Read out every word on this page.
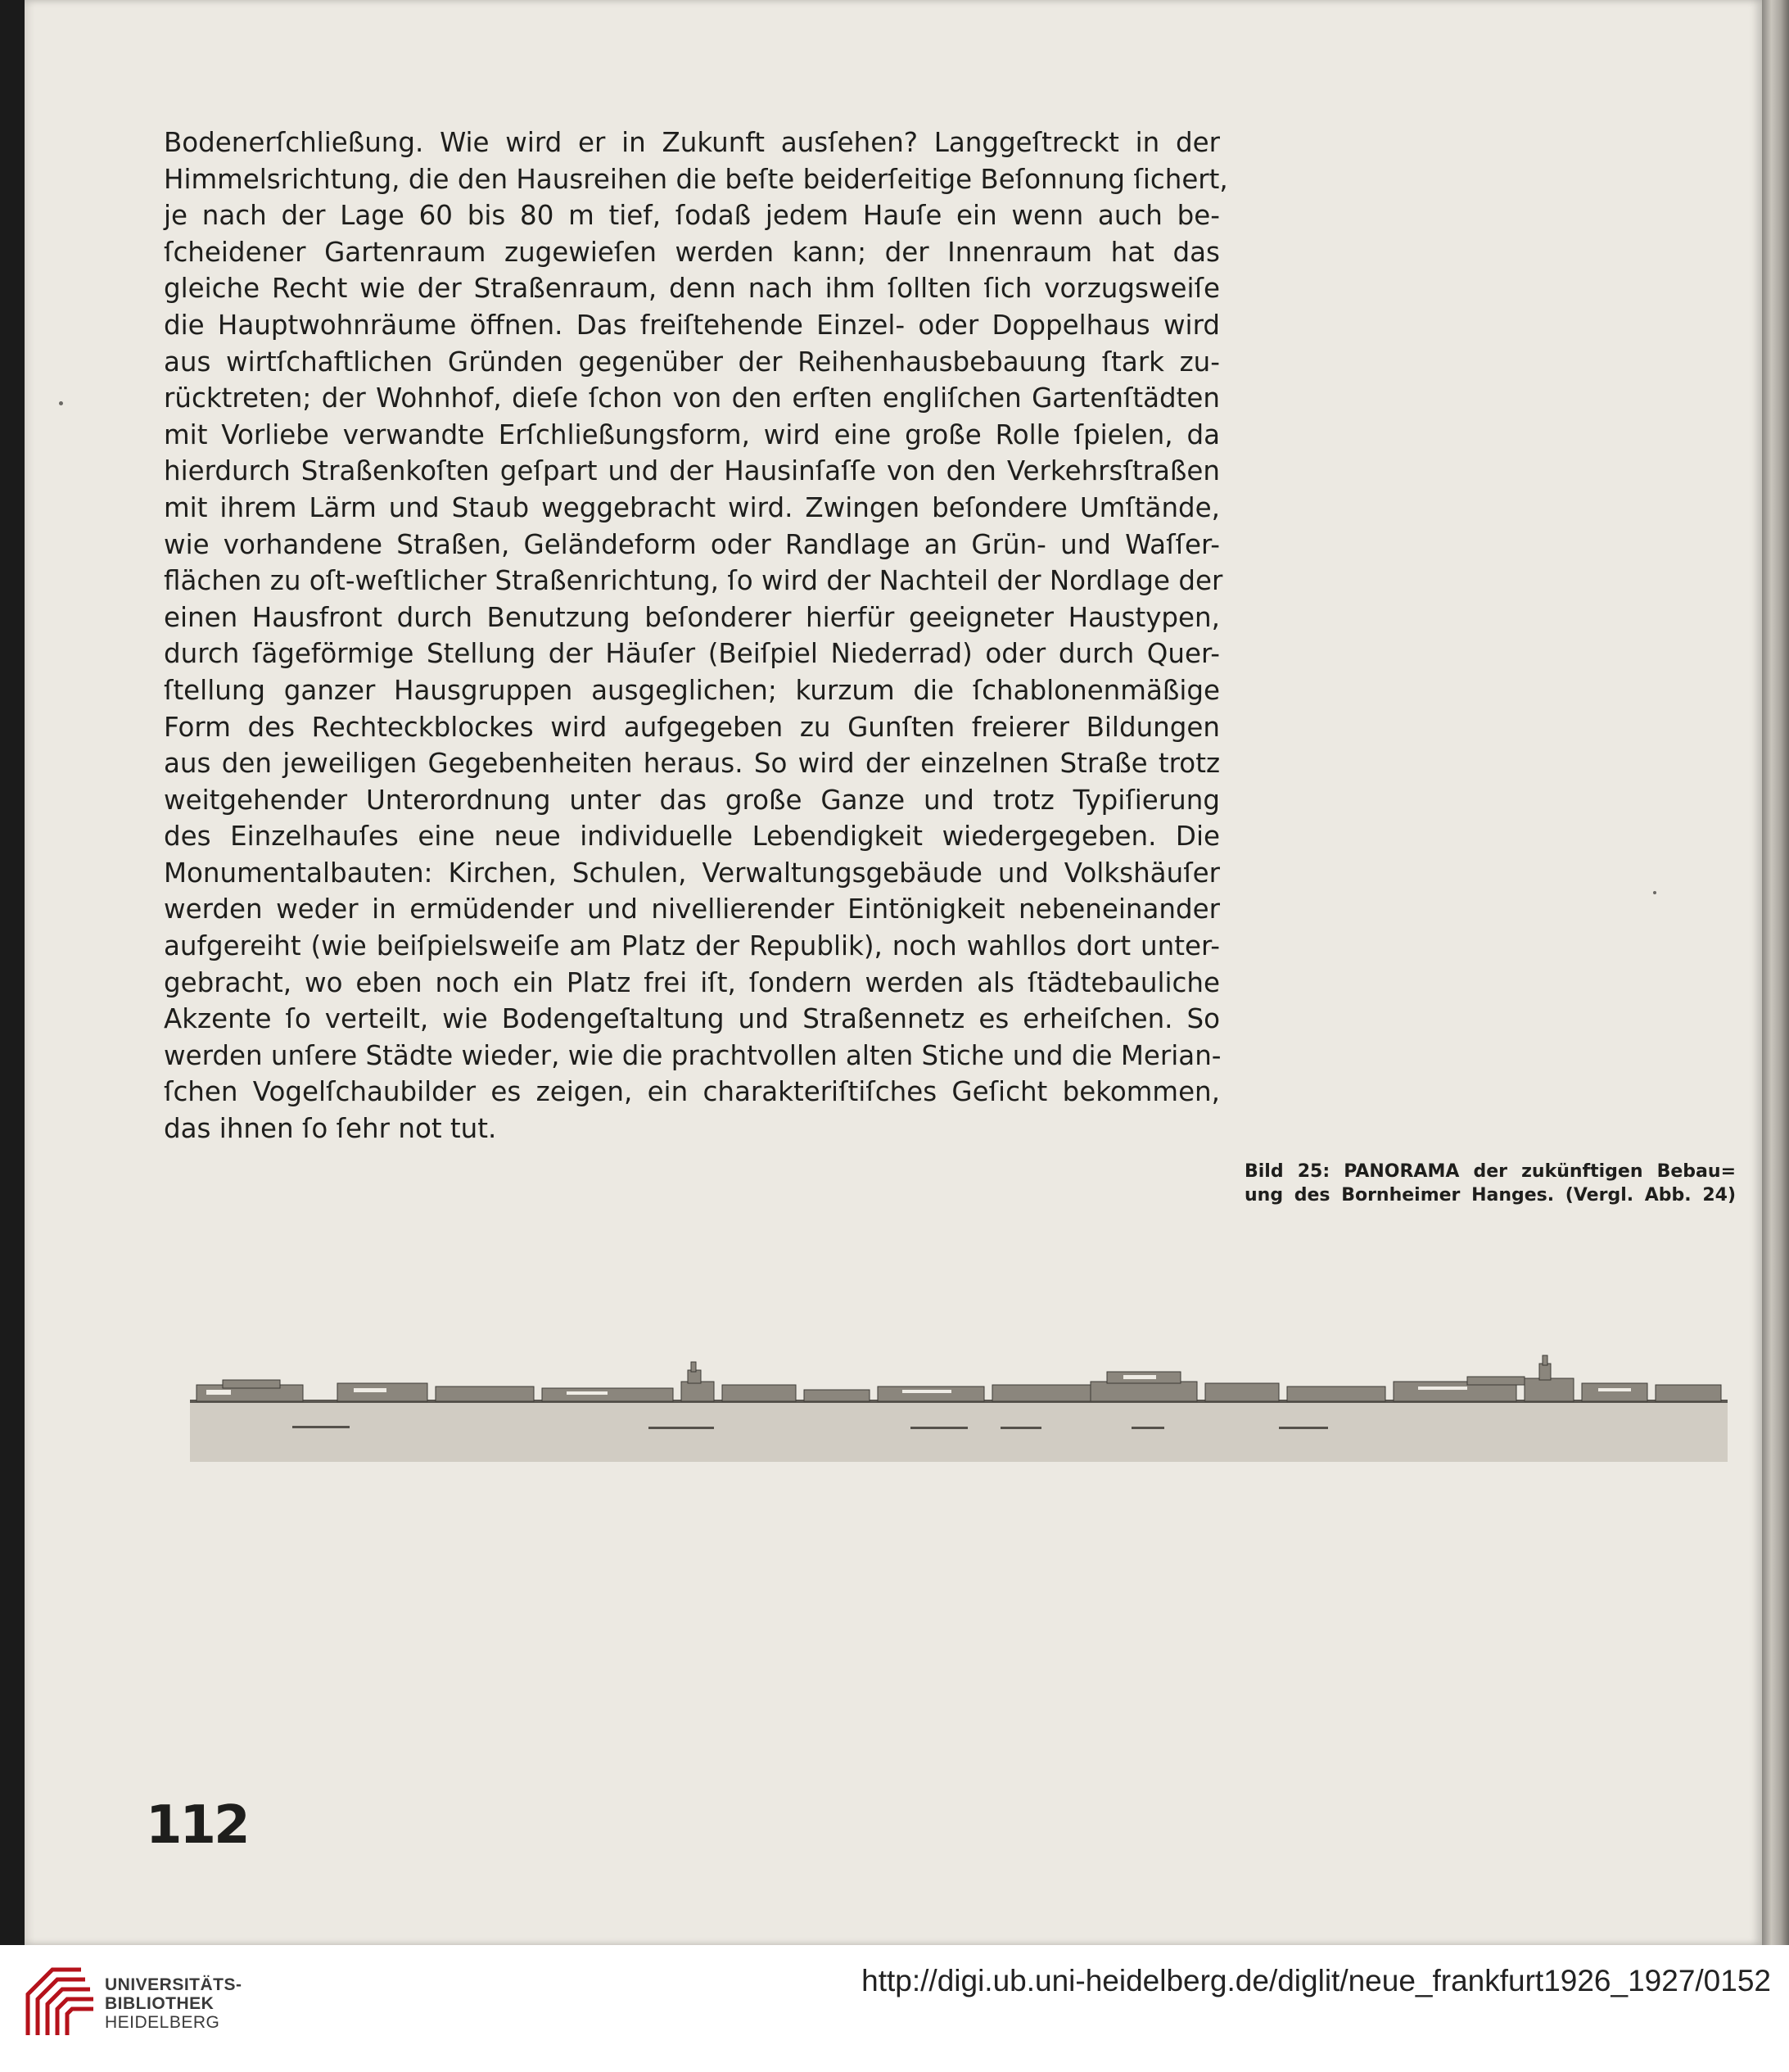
Bodenerſchließung. Wie wird er in Zukunft ausſehen? Langgeſtreckt in der
Himmelsrichtung, die den Hausreihen die beſte beiderſeitige Beſonnung ſichert,
je nach der Lage 60 bis 80 m tief, ſodaß jedem Hauſe ein wenn auch be-
ſcheidener Gartenraum zugewieſen werden kann; der Innenraum hat das
gleiche Recht wie der Straßenraum, denn nach ihm ſollten ſich vorzugsweiſe
die Hauptwohnräume öffnen. Das freiſtehende Einzel- oder Doppelhaus wird
aus wirtſchaftlichen Gründen gegenüber der Reihenhausbebauung ſtark zu-
rücktreten; der Wohnhof, dieſe ſchon von den erſten engliſchen Gartenſtädten
mit Vorliebe verwandte Erſchließungsform, wird eine große Rolle ſpielen, da
hierdurch Straßenkoſten geſpart und der Hausinſaſſe von den Verkehrsſtraßen
mit ihrem Lärm und Staub weggebracht wird. Zwingen beſondere Umſtände,
wie vorhandene Straßen, Geländeform oder Randlage an Grün- und Waſſer-
flächen zu oſt-weſtlicher Straßenrichtung, ſo wird der Nachteil der Nordlage der
einen Hausfront durch Benutzung beſonderer hierfür geeigneter Haustypen,
durch ſägeförmige Stellung der Häuſer (Beiſpiel Niederrad) oder durch Quer-
ſtellung ganzer Hausgruppen ausgeglichen; kurzum die ſchablonenmäßige
Form des Rechteckblockes wird aufgegeben zu Gunſten freierer Bildungen
aus den jeweiligen Gegebenheiten heraus. So wird der einzelnen Straße trotz
weitgehender Unterordnung unter das große Ganze und trotz Typiſierung
des Einzelhauſes eine neue individuelle Lebendigkeit wiedergegeben. Die
Monumentalbauten: Kirchen, Schulen, Verwaltungsgebäude und Volkshäuſer
werden weder in ermüdender und nivellierender Eintönigkeit nebeneinander
aufgereiht (wie beiſpielsweiſe am Platz der Republik), noch wahllos dort unter-
gebracht, wo eben noch ein Platz frei iſt, ſondern werden als ſtädtebauliche
Akzente ſo verteilt, wie Bodengeſtaltung und Straßennetz es erheiſchen. So
werden unſere Städte wieder, wie die prachtvollen alten Stiche und die Merian-
ſchen Vogelſchaubilder es zeigen, ein charakteriſtiſches Geſicht bekommen,
das ihnen ſo ſehr not tut.
Bild 25: PANORAMA der zukünftigen Bebau=
ung des Bornheimer Hanges. (Vergl. Abb. 24)
112
UNIVERSITÄTS-
BIBLIOTHEK
HEIDELBERG
http://digi.ub.uni-heidelberg.de/diglit/neue_frankfurt1926_1927/0152
